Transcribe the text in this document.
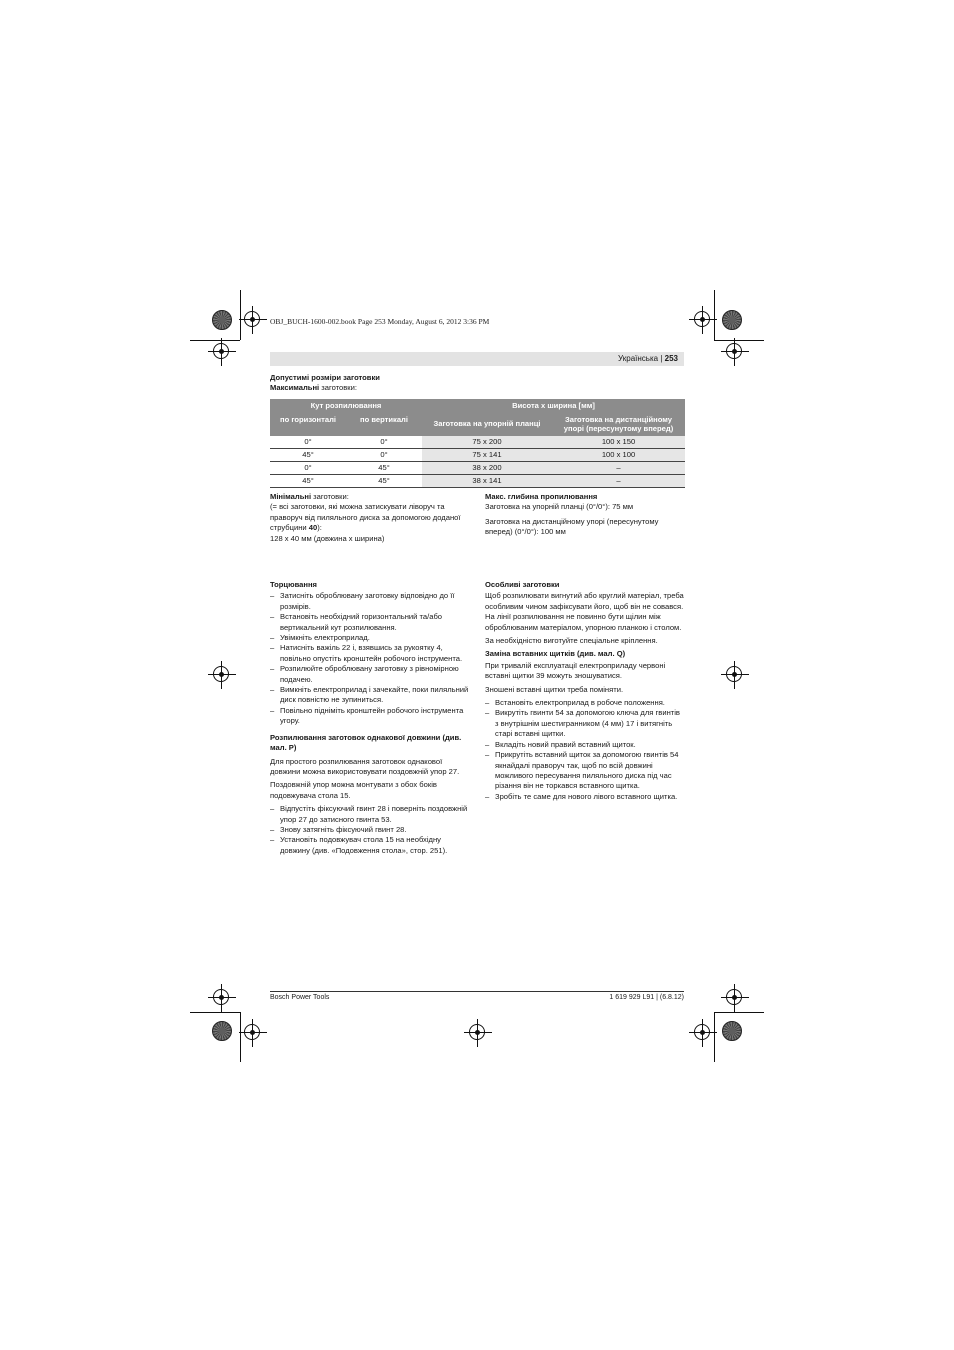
OBJ_BUCH-1600-002.book Page 253 Monday, August 6, 2012 3:36 PM
Українська | 253
Допустимі розміри заготовки
Максимальні заготовки:
Кут розпилювання		Висота x ширина [мм]	
по горизонталі	по вертикалі	Заготовка на упорній планці	Заготовка на дистанційному упорі (пересунутому вперед)
0°	0°	75 x 200	100 x 150
45°	0°	75 x 141	100 x 100
0°	45°	38 x 200	–
45°	45°	38 x 141	–
Мінімальні заготовки:
(= всі заготовки, які можна затискувати ліворуч та праворуч від пиляльного диска за допомогою доданої струбцини 40):
128 x 40 мм (довжина x ширина)
Макс. глибина пропилювання
Заготовка на упорній планці (0°/0°): 75 мм
Заготовка на дистанційному упорі (пересунутому вперед) (0°/0°): 100 мм
Торцювання
– Затисніть оброблювану заготовку відповідно до її розмірів.
– Встановіть необхідний горизонтальний та/або вертикальний кут розпилювання.
– Увімкніть електроприлад.
– Натисніть важіль 22 і, взявшись за рукоятку 4, повільно опустіть кронштейн робочого інструмента.
– Розпилюйте оброблювану заготовку з рівномірною подачею.
– Вимкніть електроприлад і зачекайте, поки пиляльний диск повністю не зупиниться.
– Повільно підніміть кронштейн робочого інструмента угору.
Розпилювання заготовок однакової довжини (див. мал. P)
Для простого розпилювання заготовок однакової довжини можна використовувати поздовжній упор 27.
Поздовжній упор можна монтувати з обох боків подовжувача стола 15.
– Відпустіть фіксуючий гвинт 28 і поверніть поздовжній упор 27 до затисного гвинта 53.
– Знову затягніть фіксуючий гвинт 28.
– Установіть подовжувач стола 15 на необхідну довжину (див. «Подовження стола», стор. 251).
Особливі заготовки
Щоб розпилювати вигнутий або круглий матеріал, треба особливим чином зафіксувати його, щоб він не совався. На лінії розпилювання не повинно бути щілин між оброблюваним матеріалом, упорною планкою і столом.
За необхідністю виготуйте спеціальне кріплення.
Заміна вставних щитків (див. мал. Q)
При тривалій експлуатації електроприладу червоні вставні щитки 39 можуть зношуватися.
Зношені вставні щитки треба поміняти.
– Встановіть електроприлад в робоче положення.
– Викрутіть гвинти 54 за допомогою ключа для гвинтів з внутрішнім шестигранником (4 мм) 17 і витягніть старі вставні щитки.
– Вкладіть новий правий вставний щиток.
– Прикрутіть вставний щиток за допомогою гвинтів 54 якнайдалі праворуч так, щоб по всій довжині можливого пересування пиляльного диска під час різання він не торкався вставного щитка.
– Зробіть те саме для нового лівого вставного щитка.
Bosch Power Tools	1 619 929 L91 | (6.8.12)
